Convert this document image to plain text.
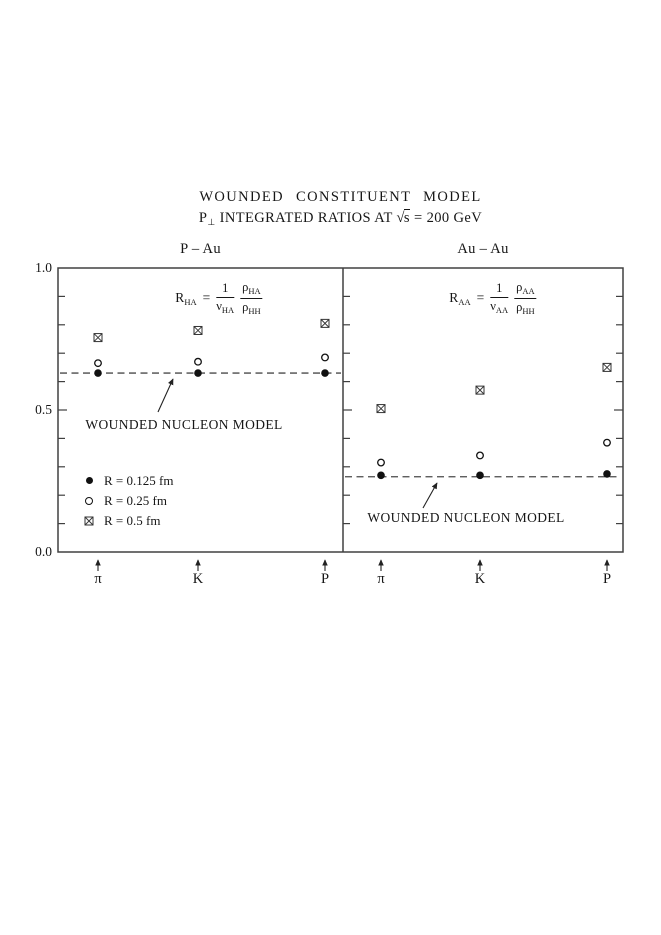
WOUNDED CONSTITUENT MODEL
$P_\perp$ INTEGRATED RATIOS AT √s = 200 GeV
P – Au	Au – Au
1.0
0.5
0.0
$R_{HA} = \frac{1}{\nu_{HA}} \frac{\rho_{HA}}{\rho_{HH}}$	$R_{AA} = \frac{1}{\nu_{AA}} \frac{\rho_{AA}}{\rho_{HH}}$
WOUNDED NUCLEON MODEL
WOUNDED NUCLEON MODEL
R = 0.125 fm
R = 0.25 fm
R = 0.5 fm
π	K	P	π	K	P
